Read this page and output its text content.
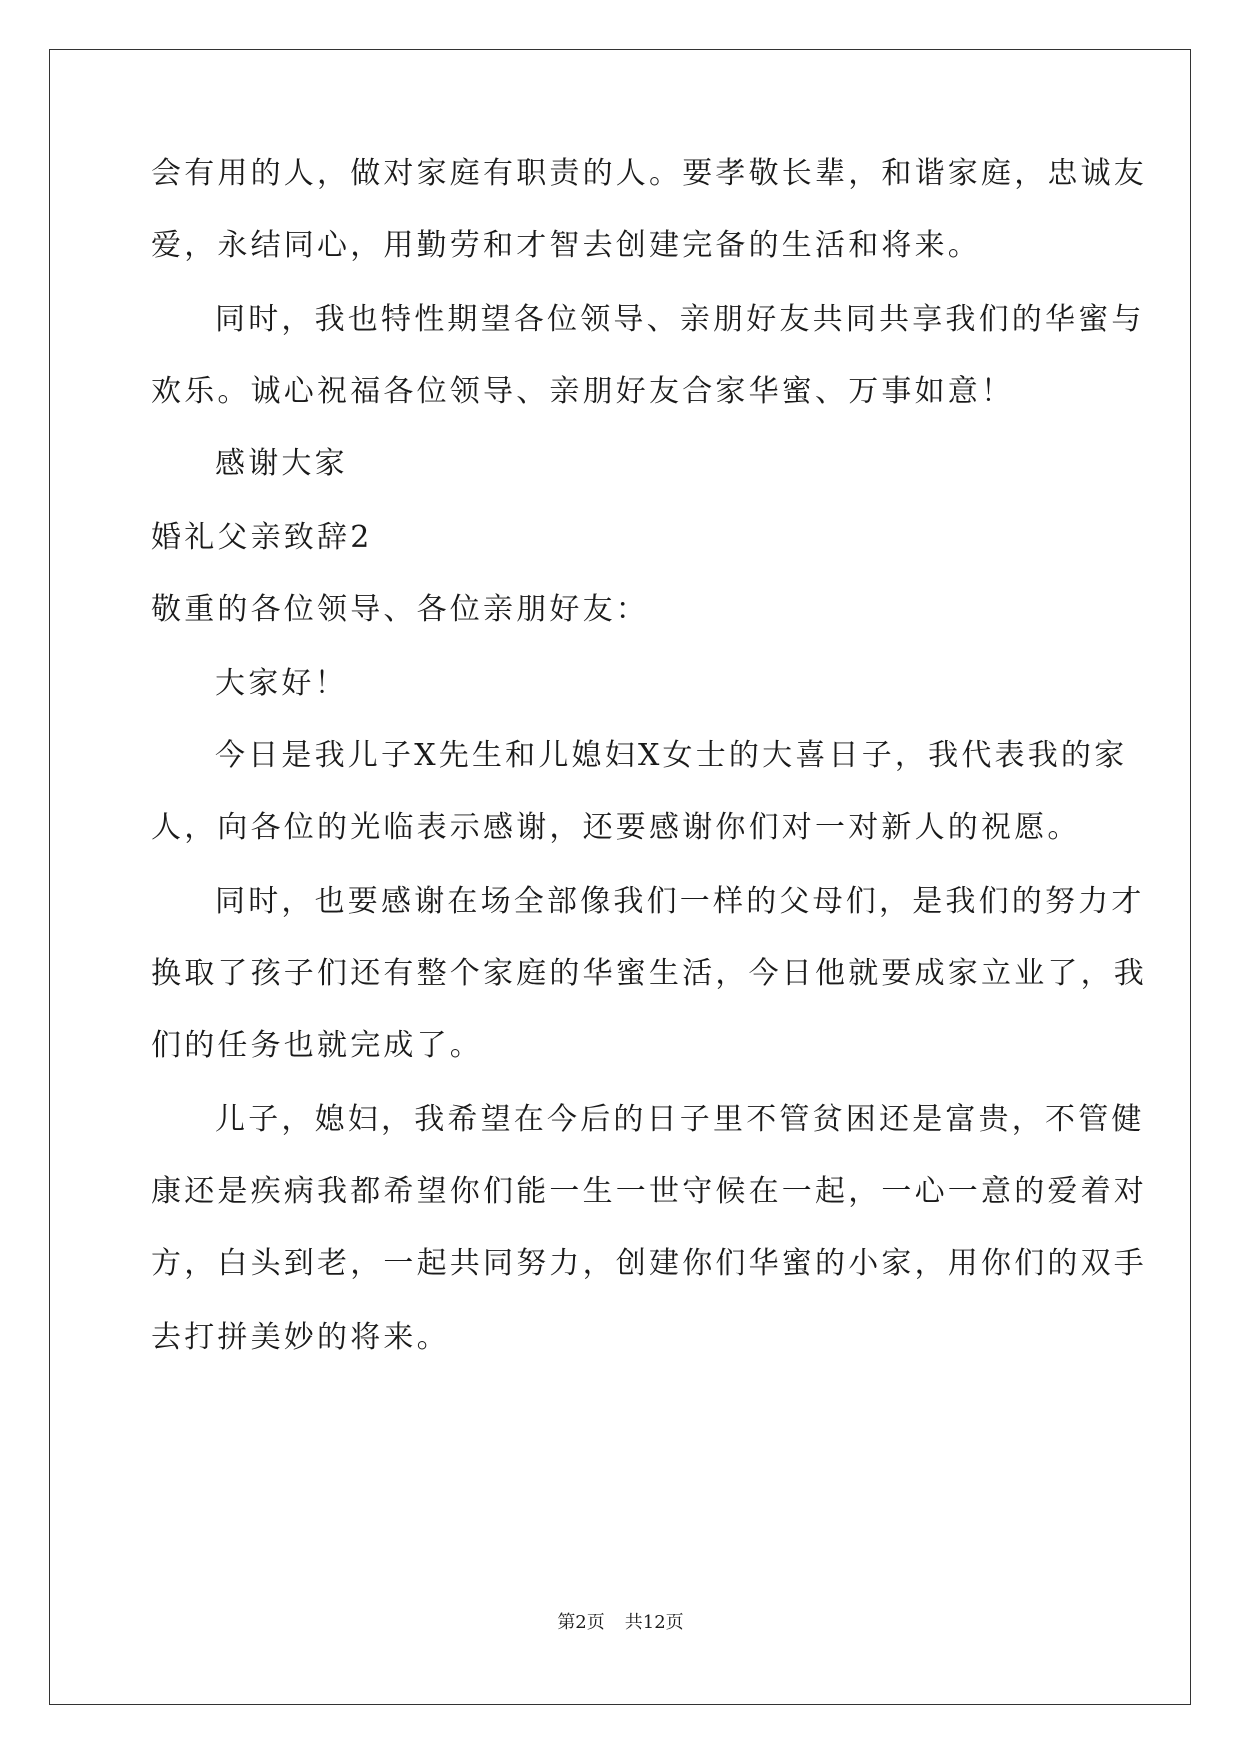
会有用的人，做对家庭有职责的人。要孝敬长辈，和谐家庭，忠诚友
爱，永结同心，用勤劳和才智去创建完备的生活和将来。
同时，我也特性期望各位领导、亲朋好友共同共享我们的华蜜与
欢乐。诚心祝福各位领导、亲朋好友合家华蜜、万事如意！
感谢大家
婚礼父亲致辞2
敬重的各位领导、各位亲朋好友：
大家好！
今日是我儿子X先生和儿媳妇X女士的大喜日子，我代表我的家
人，向各位的光临表示感谢，还要感谢你们对一对新人的祝愿。
同时，也要感谢在场全部像我们一样的父母们，是我们的努力才
换取了孩子们还有整个家庭的华蜜生活，今日他就要成家立业了，我
们的任务也就完成了。
儿子，媳妇，我希望在今后的日子里不管贫困还是富贵，不管健
康还是疾病我都希望你们能一生一世守候在一起，一心一意的爱着对
方，白头到老，一起共同努力，创建你们华蜜的小家，用你们的双手
去打拼美妙的将来。
第2页 共12页
